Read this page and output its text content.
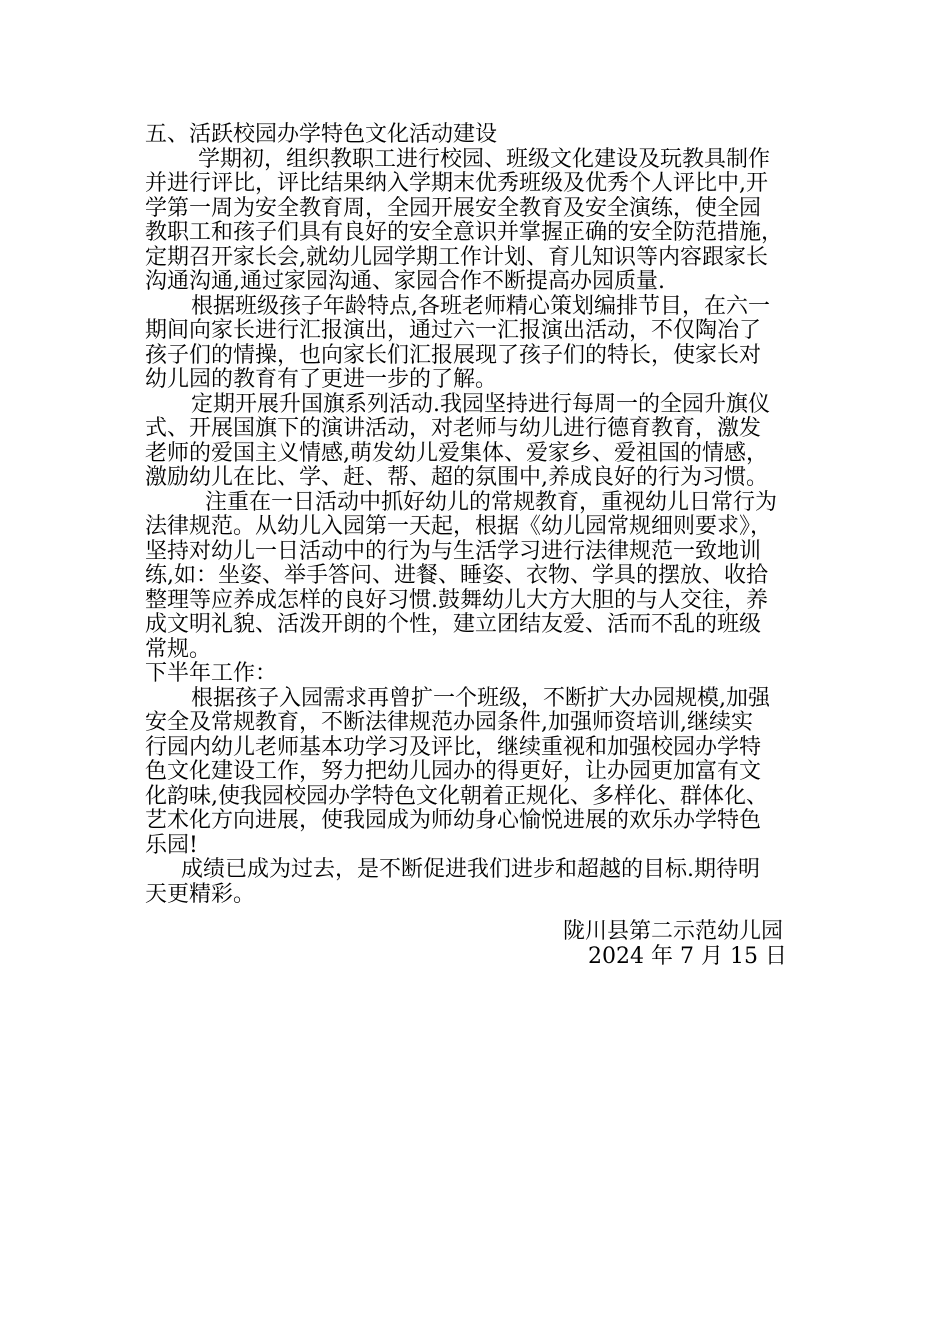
五、活跃校园办学特色文化活动建设
学期初，组织教职工进行校园、班级文化建设及玩教具制作
并进行评比，评比结果纳入学期末优秀班级及优秀个人评比中,开
学第一周为安全教育周，全园开展安全教育及安全演练，使全园
教职工和孩子们具有良好的安全意识并掌握正确的安全防范措施，
定期召开家长会,就幼儿园学期工作计划、育儿知识等内容跟家长
沟通沟通,通过家园沟通、家园合作不断提高办园质量.
根据班级孩子年龄特点,各班老师精心策划编排节目，在六一
期间向家长进行汇报演出，通过六一汇报演出活动，不仅陶冶了
孩子们的情操，也向家长们汇报展现了孩子们的特长，使家长对
幼儿园的教育有了更进一步的了解。
定期开展升国旗系列活动.我园坚持进行每周一的全园升旗仪
式、开展国旗下的演讲活动，对老师与幼儿进行德育教育，激发
老师的爱国主义情感,萌发幼儿爱集体、爱家乡、爱祖国的情感，
激励幼儿在比、学、赶、帮、超的氛围中,养成良好的行为习惯。
注重在一日活动中抓好幼儿的常规教育，重视幼儿日常行为
法律规范。从幼儿入园第一天起，根据《幼儿园常规细则要求》，
坚持对幼儿一日活动中的行为与生活学习进行法律规范一致地训
练,如：坐姿、举手答问、进餐、睡姿、衣物、学具的摆放、收拾
整理等应养成怎样的良好习惯.鼓舞幼儿大方大胆的与人交往，养
成文明礼貌、活泼开朗的个性，建立团结友爱、活而不乱的班级
常规。
下半年工作：
根据孩子入园需求再曾扩一个班级，不断扩大办园规模,加强
安全及常规教育，不断法律规范办园条件,加强师资培训,继续实
行园内幼儿老师基本功学习及评比，继续重视和加强校园办学特
色文化建设工作，努力把幼儿园办的得更好，让办园更加富有文
化韵味,使我园校园办学特色文化朝着正规化、多样化、群体化、
艺术化方向进展，使我园成为师幼身心愉悦进展的欢乐办学特色
乐园!
成绩已成为过去，是不断促进我们进步和超越的目标.期待明
天更精彩。
陇川县第二示范幼儿园
2024 年 7 月 15 日
